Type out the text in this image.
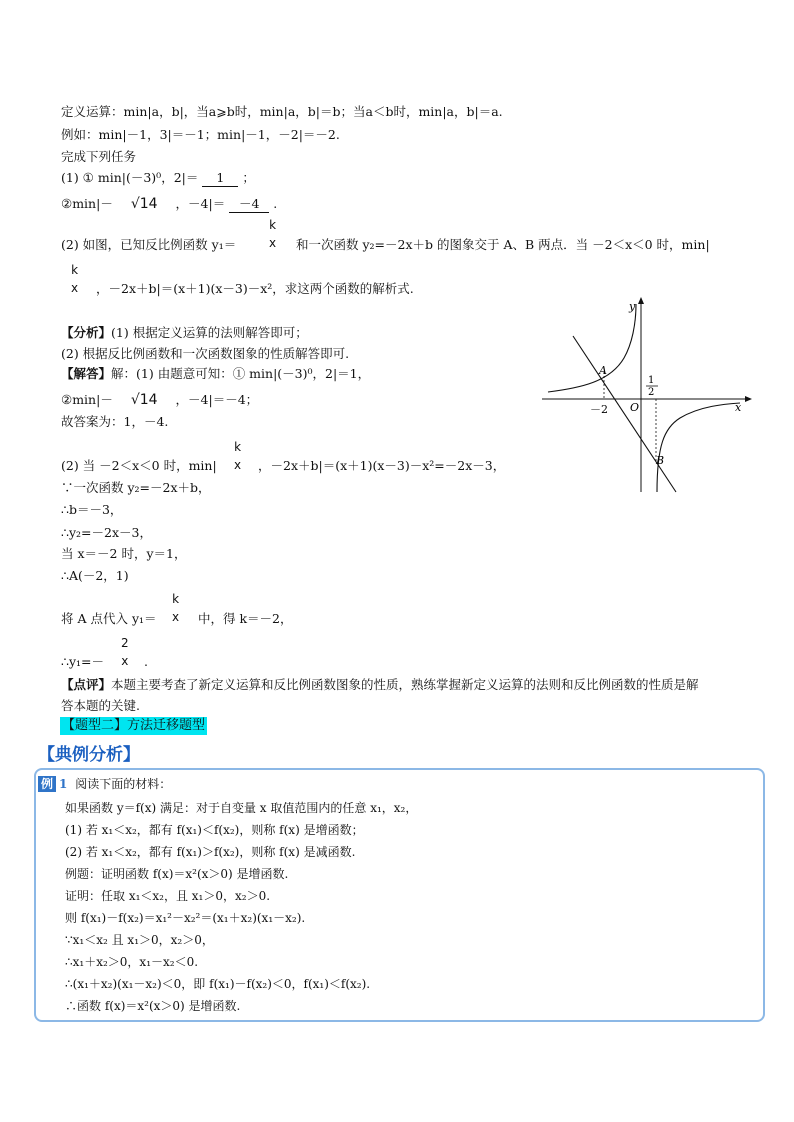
定义运算：min|a，b|，当a⩾b时，min|a，b|＝b；当a＜b时，min|a，b|＝a.
例如：min|－1，3|＝－1；min|－1，－2|＝－2.
完成下列任务
(1) ① min|(－3)⁰，2|＝ 1 ；
②min|－ √14 ，－4|＝ －4 .
(2) 如图，已知反比例函数 y₁＝
k
x 和一次函数 y₂=－2x＋b 的图象交于 A、B 两点．当 －2＜x＜0 时，min|
k
x ，－2x＋b|＝(x＋1)(x－3)－x²，求这两个函数的解析式.
【分析】(1) 根据定义运算的法则解答即可；
(2) 根据反比例函数和一次函数图象的性质解答即可.
【解答】解：(1) 由题意可知：① min|(－3)⁰，2|＝1，
②min|－ √14 ，－4|＝－4；
故答案为：1，－4.
(2) 当 －2＜x＜0 时，min|
k
x ，－2x＋b|＝(x＋1)(x－3)－x²=－2x－3，
∵一次函数 y₂=－2x＋b，
∴b＝－3，
∴y₂=－2x－3，
当 x＝－2 时，y＝1，
∴A(－2，1)
将 A 点代入 y₁＝
k
x 中，得 k＝－2，
∴y₁=－
2
x .
【点评】本题主要考查了新定义运算和反比例函数图象的性质，熟练掌握新定义运算的法则和反比例函数的性质是解
答本题的关键.
y
x
O
A
B
－2
1
2
【题型二】方法迁移题型
【典例分析】
例 1 阅读下面的材料：
如果函数 y＝f(x) 满足：对于自变量 x 取值范围内的任意 x₁，x₂，
(1) 若 x₁＜x₂，都有 f(x₁)＜f(x₂)，则称 f(x) 是增函数；
(2) 若 x₁＜x₂，都有 f(x₁)＞f(x₂)，则称 f(x) 是减函数.
例题：证明函数 f(x)＝x²(x＞0) 是增函数.
证明：任取 x₁＜x₂，且 x₁＞0，x₂＞0.
则 f(x₁)－f(x₂)＝x₁²－x₂²＝(x₁＋x₂)(x₁－x₂).
∵x₁＜x₂ 且 x₁＞0，x₂＞0，
∴x₁＋x₂＞0，x₁－x₂＜0.
∴(x₁＋x₂)(x₁－x₂)＜0，即 f(x₁)－f(x₂)＜0，f(x₁)＜f(x₂).
∴函数 f(x)＝x²(x＞0) 是增函数.
